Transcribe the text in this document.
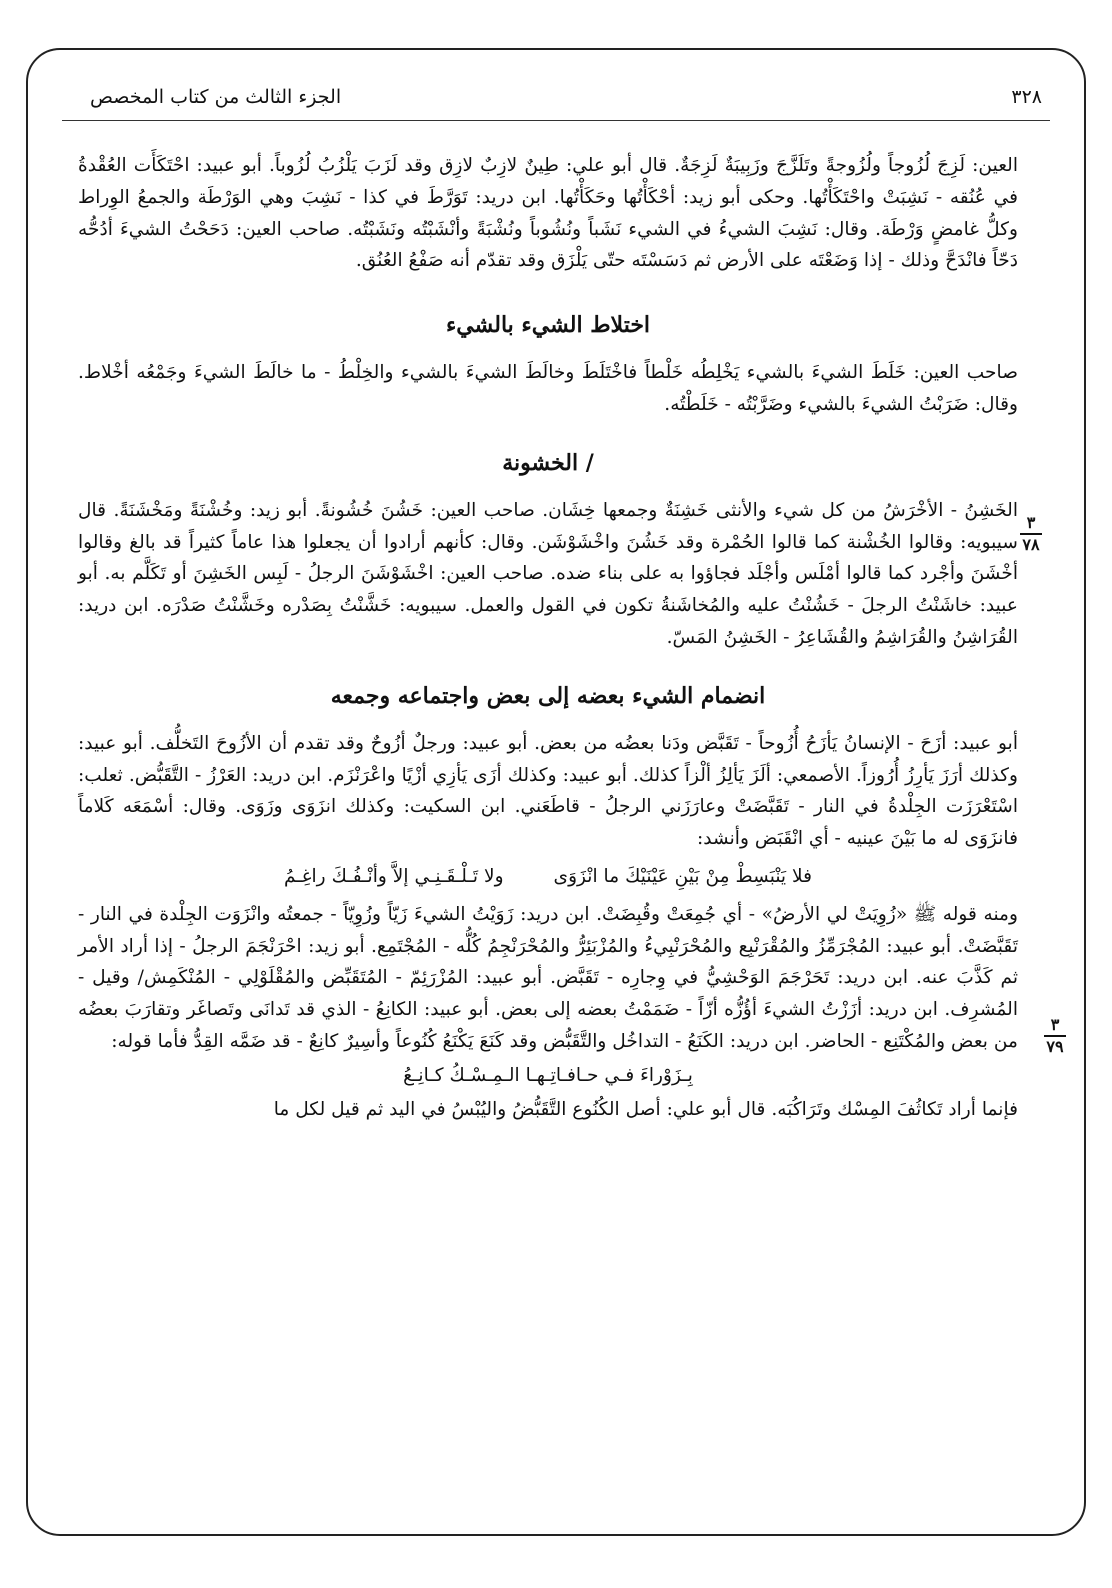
٣٢٨
الجزء الثالث من كتاب المخصص
٣
٧٨
٣
٧٩

العين: لَزِجَ لُزُوجاً ولُزُوجةً وتَلَزَّجَ وزَبِيبَةٌ لَزِجَةٌ. قال أبو علي: طِينٌ لازِبٌ لازِق وقد لَزَبَ يَلْزُبُ لُزُوباً. أبو عبيد: احْتَكَأَت العُقْدةُ في عُنُقه - نَشِبَتْ واحْتَكَأْتُها. وحكى أبو زيد: أحْكَأْتُها وحَكَأْتُها. ابن دريد: تَوَرَّطَ في كذا - نَشِبَ وهي الوَرْطَة والجمعُ الوِراط وكلُّ غامضٍ وَرْطَة. وقال: نَشِبَ الشيءُ في الشيء نَشَباً ونُشُوباً ونُشْبَةً وأنْشَبْتُه ونَشَبْتُه. صاحب العين: دَحَحْتُ الشيءَ أدُحُّه دَحّاً فانْدَحَّ وذلك - إذا وَضَعْتَه على الأرض ثم دَسَسْتَه حتّى يَلْزَق وقد تقدّم أنه صَفْعُ العُنُق.

اختلاط الشيء بالشيء

صاحب العين: خَلَطَ الشيءَ بالشيء يَخْلِطُه خَلْطاً فاخْتَلَطَ وخالَطَ الشيءَ بالشيء والخِلْطُ - ما خالَطَ الشيءَ وجَمْعُه أخْلاط. وقال: ضَرَبْتُ الشيءَ بالشيء وضَرَّبْتُه - خَلَطْتُه.

/ الخشونة

الخَشِنُ - الأخْرَشُ من كل شيء والأنثى خَشِنَةٌ وجمعها خِشَان. صاحب العين: خَشُنَ خُشُونةً. أبو زيد: وخُشْنَةً ومَخْشَنَةً. قال سيبويه: وقالوا الخُشْنة كما قالوا الحُمْرة وقد خَشُنَ واخْشَوْشَن. وقال: كأنهم أرادوا أن يجعلوا هذا عاماً كثيراً قد بالغ وقالوا أخْشَنَ وأجْرد كما قالوا أمْلَس وأجْلَد فجاؤوا به على بناء ضده. صاحب العين: اخْشَوْشَنَ الرجلُ - لَبِس الخَشِنَ أو تَكَلَّم به. أبو عبيد: خاشَنْتُ الرجلَ - خَشُنْتُ عليه والمُخاشَنةُ تكون في القول والعمل. سيبويه: خَشَّنْتُ بِصَدْره وخَشَّنْتُ صَدْرَه. ابن دريد: القُرَاشِنُ والقُرَاشِمُ والقُشَاعِرُ - الخَشِنُ المَسّ.

انضمام الشيء بعضه إلى بعض واجتماعه وجمعه

أبو عبيد: أزَحَ - الإنسانُ يَأزَحُ أُزُوحاً - تَقَبَّض ودَنا بعضُه من بعض. أبو عبيد: ورجلٌ أزُوحٌ وقد تقدم أن الأزُوحَ التَخلُّف. أبو عبيد: وكذلك أرَزَ يَأرِزُ أُرُوزاً. الأصمعي: ألَزَ يَألِزُ ألْزاً كذلك. أبو عبيد: وكذلك أزَى يَأزِي أزْيًا واعْرَنْزَم. ابن دريد: العَرْزُ - التَّقَبُّض. ثعلب: اسْتَعْرَزَت الجِلْدةُ في النار - تَقَبَّضَتْ وعارَزَني الرجلُ - قاطَعَني. ابن السكيت: وكذلك انزَوَى وزَوَى. وقال: أسْمَعَه كَلاماً فانزَوَى له ما بَيْنَ عينيه - أي انْقَبَض وأنشد:

فلا يَنْبَسِطْ مِنْ بَيْنِ عَيْنَيْكَ ما انْزَوَى ولا تَـلْـقَـنِـي إلاَّ وأنْـفُـكَ راغِـمُ

ومنه قوله ﷺ «زُوِيَتْ لي الأرضُ» - أي جُمِعَتْ وقُبِضَتْ. ابن دريد: زَوَيْتُ الشيءَ زَيّاً وزُوِيّاً - جمعتُه وانْزَوَت الجِلْدة في النار - تَقَبَّضَتْ. أبو عبيد: المُجْرَمِّزُ والمُقْرَنْبِع والمُحْرَنْبِيءُ والمُزْبَئِرُّ والمُحْرَنْجِمُ كُلُّه - المُجْتَمِع. أبو زيد: احْرَنْجَمَ الرجلُ - إذا أراد الأمر ثم كَذَّبَ عنه. ابن دريد: تَحَرْجَمَ الوَحْشِيُّ في وِجارِه - تَقَبَّض. أبو عبيد: المُزْرَئِمّ - المُتَقَبِّض والمُقْلَوْلِي - المُنْكَمِش/ وقيل - المُشرِف. ابن دريد: أزَزْتُ الشيءَ أؤُزُّه أزّاً - ضَمَمْتُ بعضه إلى بعض. أبو عبيد: الكانِعُ - الذي قد تَدانَى وتَصاغَر وتقارَبَ بعضُه من بعض والمُكْتَنِع - الحاضر. ابن دريد: الكَنَعُ - التداخُل والتَّقَبُّض وقد كَنَعَ يَكْنَعُ كُنُوعاً وأسِيرٌ كانِعٌ - قد ضَمَّه القِدُّ فأما قوله:

بِـزَوْراءَ فـي حـافـاتِـهـا الـمِـسْـكُ كـانِـعُ

فإنما أراد تَكاثُفَ المِسْك وتَرَاكُبَه. قال أبو علي: أصل الكُنُوع التَّقَبُّضُ واليُبْسُ في اليد ثم قيل لكل ما
